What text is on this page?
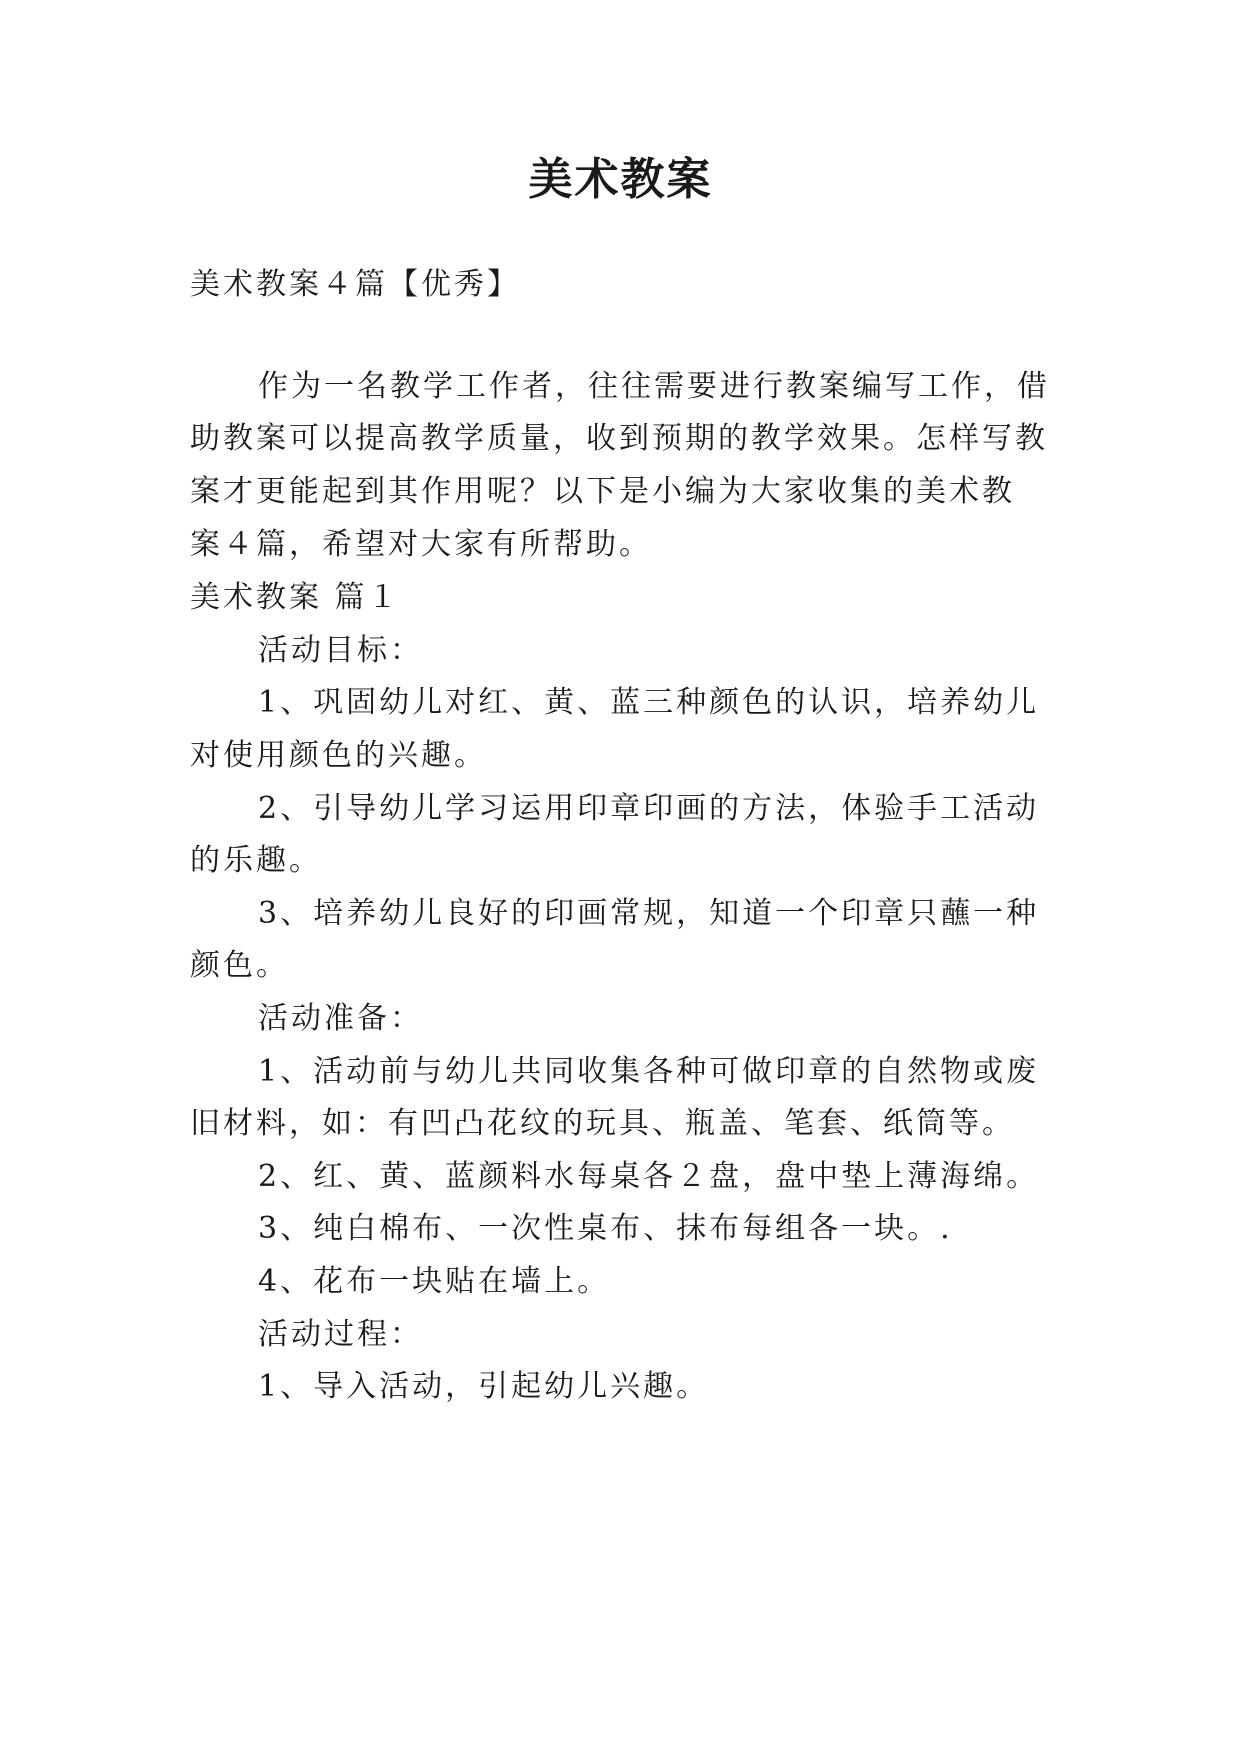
美术教案
美术教案４篇【优秀】
作为一名教学工作者，往往需要进行教案编写工作，借
助教案可以提高教学质量，收到预期的教学效果。怎样写教
案才更能起到其作用呢？以下是小编为大家收集的美术教
案４篇，希望对大家有所帮助。
美术教案 篇１
活动目标：
1、巩固幼儿对红、黄、蓝三种颜色的认识，培养幼儿
对使用颜色的兴趣。
2、引导幼儿学习运用印章印画的方法，体验手工活动
的乐趣。
3、培养幼儿良好的印画常规，知道一个印章只蘸一种
颜色。
活动准备：
1、活动前与幼儿共同收集各种可做印章的自然物或废
旧材料，如：有凹凸花纹的玩具、瓶盖、笔套、纸筒等。
2、红、黄、蓝颜料水每桌各２盘，盘中垫上薄海绵。
3、纯白棉布、一次性桌布、抹布每组各一块。.
4、花布一块贴在墙上。
活动过程：
1、导入活动，引起幼儿兴趣。
